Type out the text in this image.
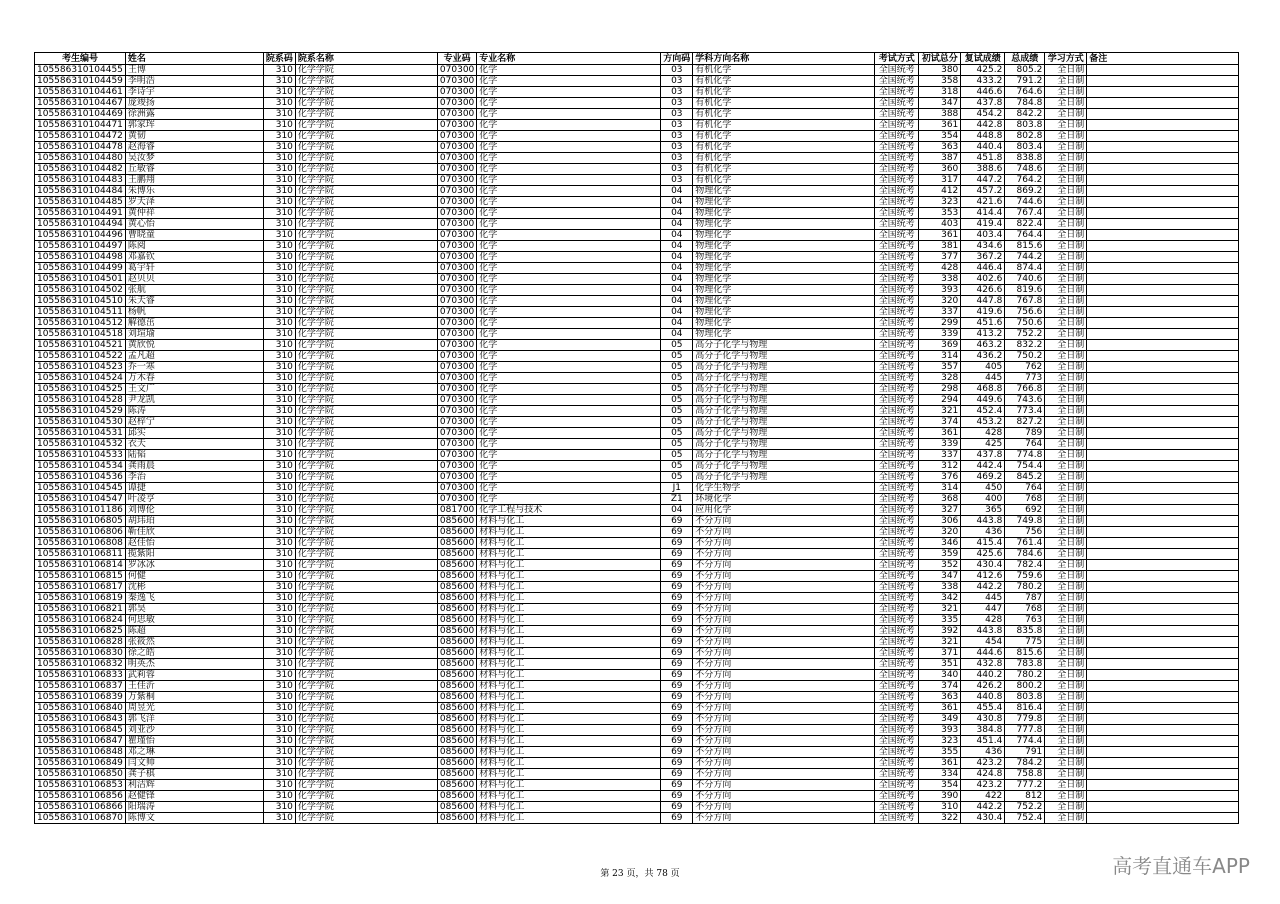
考生编号	姓名	院系码	院系名称	专业码	专业名称	方向码	学科方向名称	考试方式	初试总分	复试成绩	总成绩	学习方式	备注
105586310104455	王博	310	化学学院	070300	化学	03	有机化学	全国统考	380	425.2	805.2	全日制	
105586310104459	李明浩	310	化学学院	070300	化学	03	有机化学	全国统考	358	433.2	791.2	全日制	
105586310104461	李诗宇	310	化学学院	070300	化学	03	有机化学	全国统考	318	446.6	764.6	全日制	
105586310104467	庞竣扬	310	化学学院	070300	化学	03	有机化学	全国统考	347	437.8	784.8	全日制	
105586310104469	徐洲露	310	化学学院	070300	化学	03	有机化学	全国统考	388	454.2	842.2	全日制	
105586310104471	郭家珲	310	化学学院	070300	化学	03	有机化学	全国统考	361	442.8	803.8	全日制	
105586310104472	黄韧	310	化学学院	070300	化学	03	有机化学	全国统考	354	448.8	802.8	全日制	
105586310104478	赵海睿	310	化学学院	070300	化学	03	有机化学	全国统考	363	440.4	803.4	全日制	
105586310104480	吴汝梦	310	化学学院	070300	化学	03	有机化学	全国统考	387	451.8	838.8	全日制	
105586310104482	丘敏睿	310	化学学院	070300	化学	03	有机化学	全国统考	360	388.6	748.6	全日制	
105586310104483	王鹏翔	310	化学学院	070300	化学	03	有机化学	全国统考	317	447.2	764.2	全日制	
105586310104484	朱博乐	310	化学学院	070300	化学	04	物理化学	全国统考	412	457.2	869.2	全日制	
105586310104485	罗天泽	310	化学学院	070300	化学	04	物理化学	全国统考	323	421.6	744.6	全日制	
105586310104491	黄仲祥	310	化学学院	070300	化学	04	物理化学	全国统考	353	414.4	767.4	全日制	
105586310104494	黄心怡	310	化学学院	070300	化学	04	物理化学	全国统考	403	419.4	822.4	全日制	
105586310104496	曹晓童	310	化学学院	070300	化学	04	物理化学	全国统考	361	403.4	764.4	全日制	
105586310104497	陈阅	310	化学学院	070300	化学	04	物理化学	全国统考	381	434.6	815.6	全日制	
105586310104498	邓嘉钦	310	化学学院	070300	化学	04	物理化学	全国统考	377	367.2	744.2	全日制	
105586310104499	葛宇轩	310	化学学院	070300	化学	04	物理化学	全国统考	428	446.4	874.4	全日制	
105586310104501	赵贝贝	310	化学学院	070300	化学	04	物理化学	全国统考	338	402.6	740.6	全日制	
105586310104502	张航	310	化学学院	070300	化学	04	物理化学	全国统考	393	426.6	819.6	全日制	
105586310104510	朱天睿	310	化学学院	070300	化学	04	物理化学	全国统考	320	447.8	767.8	全日制	
105586310104511	杨帆	310	化学学院	070300	化学	04	物理化学	全国统考	337	419.6	756.6	全日制	
105586310104512	解德茁	310	化学学院	070300	化学	04	物理化学	全国统考	299	451.6	750.6	全日制	
105586310104518	刘瑄瑜	310	化学学院	070300	化学	04	物理化学	全国统考	339	413.2	752.2	全日制	
105586310104521	黄欣悦	310	化学学院	070300	化学	05	高分子化学与物理	全国统考	369	463.2	832.2	全日制	
105586310104522	孟凡超	310	化学学院	070300	化学	05	高分子化学与物理	全国统考	314	436.2	750.2	全日制	
105586310104523	乔一寒	310	化学学院	070300	化学	05	高分子化学与物理	全国统考	357	405	762	全日制	
105586310104524	万木春	310	化学学院	070300	化学	05	高分子化学与物理	全国统考	328	445	773	全日制	
105586310104525	王文广	310	化学学院	070300	化学	05	高分子化学与物理	全国统考	298	468.8	766.8	全日制	
105586310104528	尹龙凯	310	化学学院	070300	化学	05	高分子化学与物理	全国统考	294	449.6	743.6	全日制	
105586310104529	陈涛	310	化学学院	070300	化学	05	高分子化学与物理	全国统考	321	452.4	773.4	全日制	
105586310104530	赵梓宁	310	化学学院	070300	化学	05	高分子化学与物理	全国统考	374	453.2	827.2	全日制	
105586310104531	邱实	310	化学学院	070300	化学	05	高分子化学与物理	全国统考	361	428	789	全日制	
105586310104532	衣天	310	化学学院	070300	化学	05	高分子化学与物理	全国统考	339	425	764	全日制	
105586310104533	陆韬	310	化学学院	070300	化学	05	高分子化学与物理	全国统考	337	437.8	774.8	全日制	
105586310104534	龚雨晨	310	化学学院	070300	化学	05	高分子化学与物理	全国统考	312	442.4	754.4	全日制	
105586310104536	李治	310	化学学院	070300	化学	05	高分子化学与物理	全国统考	376	469.2	845.2	全日制	
105586310104545	谭捷	310	化学学院	070300	化学	J1	化学生物学	全国统考	314	450	764	全日制	
105586310104547	叶凌亨	310	化学学院	070300	化学	Z1	环境化学	全国统考	368	400	768	全日制	
105586310101186	刘博伦	310	化学学院	081700	化学工程与技术	04	应用化学	全国统考	327	365	692	全日制	
105586310106805	胡玮珀	310	化学学院	085600	材料与化工	69	不分方向	全国统考	306	443.8	749.8	全日制	
105586310106806	靳佳欣	310	化学学院	085600	材料与化工	69	不分方向	全国统考	320	436	756	全日制	
105586310106808	赵佳怡	310	化学学院	085600	材料与化工	69	不分方向	全国统考	346	415.4	761.4	全日制	
105586310106811	揽紫阳	310	化学学院	085600	材料与化工	69	不分方向	全国统考	359	425.6	784.6	全日制	
105586310106814	罗冰冰	310	化学学院	085600	材料与化工	69	不分方向	全国统考	352	430.4	782.4	全日制	
105586310106815	何健	310	化学学院	085600	材料与化工	69	不分方向	全国统考	347	412.6	759.6	全日制	
105586310106817	沈彬	310	化学学院	085600	材料与化工	69	不分方向	全国统考	338	442.2	780.2	全日制	
105586310106819	秦逸飞	310	化学学院	085600	材料与化工	69	不分方向	全国统考	342	445	787	全日制	
105586310106821	郭昊	310	化学学院	085600	材料与化工	69	不分方向	全国统考	321	447	768	全日制	
105586310106824	何思敏	310	化学学院	085600	材料与化工	69	不分方向	全国统考	335	428	763	全日制	
105586310106825	陈超	310	化学学院	085600	材料与化工	69	不分方向	全国统考	392	443.8	835.8	全日制	
105586310106828	张筱然	310	化学学院	085600	材料与化工	69	不分方向	全国统考	321	454	775	全日制	
105586310106830	徐之皓	310	化学学院	085600	材料与化工	69	不分方向	全国统考	371	444.6	815.6	全日制	
105586310106832	明英杰	310	化学学院	085600	材料与化工	69	不分方向	全国统考	351	432.8	783.8	全日制	
105586310106833	武莉蓉	310	化学学院	085600	材料与化工	69	不分方向	全国统考	340	440.2	780.2	全日制	
105586310106837	王佳沂	310	化学学院	085600	材料与化工	69	不分方向	全国统考	374	426.2	800.2	全日制	
105586310106839	万紫桐	310	化学学院	085600	材料与化工	69	不分方向	全国统考	363	440.8	803.8	全日制	
105586310106840	周昱光	310	化学学院	085600	材料与化工	69	不分方向	全国统考	361	455.4	816.4	全日制	
105586310106843	郭飞洋	310	化学学院	085600	材料与化工	69	不分方向	全国统考	349	430.8	779.8	全日制	
105586310106845	刘亚沙	310	化学学院	085600	材料与化工	69	不分方向	全国统考	393	384.8	777.8	全日制	
105586310106847	瞿瑾怡	310	化学学院	085600	材料与化工	69	不分方向	全国统考	323	451.4	774.4	全日制	
105586310106848	邓之琳	310	化学学院	085600	材料与化工	69	不分方向	全国统考	355	436	791	全日制	
105586310106849	闫文帅	310	化学学院	085600	材料与化工	69	不分方向	全国统考	361	423.2	784.2	全日制	
105586310106850	龚子棋	310	化学学院	085600	材料与化工	69	不分方向	全国统考	334	424.8	758.8	全日制	
105586310106853	利洁辉	310	化学学院	085600	材料与化工	69	不分方向	全国统考	354	423.2	777.2	全日制	
105586310106856	赵健锋	310	化学学院	085600	材料与化工	69	不分方向	全国统考	390	422	812	全日制	
105586310106866	阳瑞涛	310	化学学院	085600	材料与化工	69	不分方向	全国统考	310	442.2	752.2	全日制	
105586310106870	陈博文	310	化学学院	085600	材料与化工	69	不分方向	全国统考	322	430.4	752.4	全日制	
第 23 页，共 78 页	高考直通车APP
